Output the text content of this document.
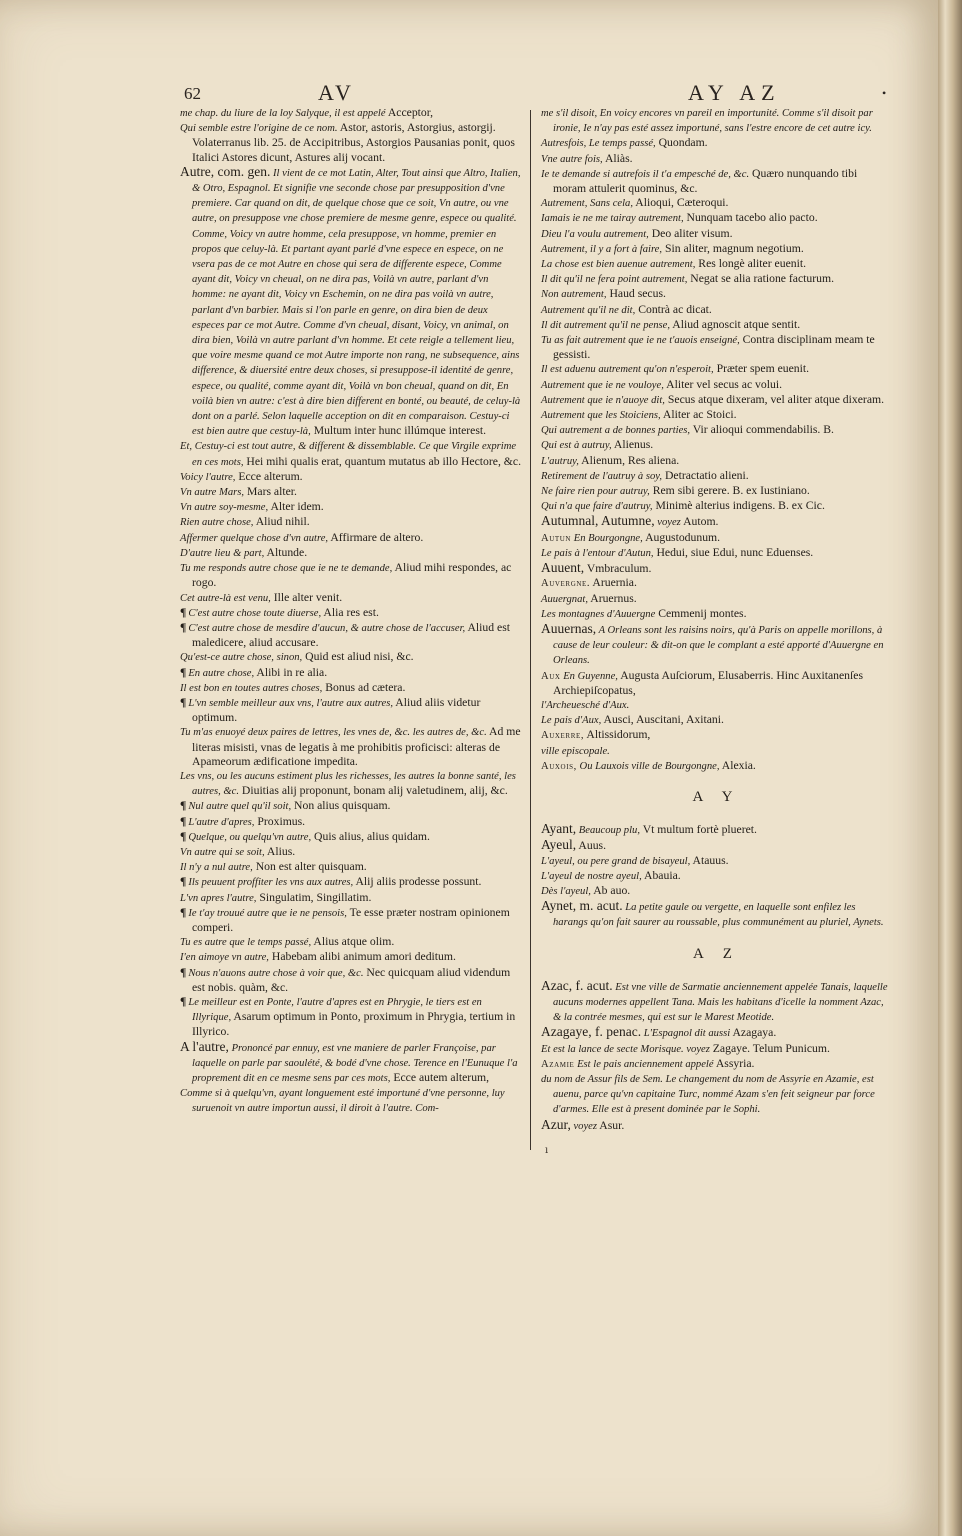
62	AV	AY AZ	•

me chap. du liure de la loy Salyque, il est appelé Acceptor,

Qui semble estre l'origine de ce nom. Astor, astoris, Astorgius, astorgij. Volaterranus lib. 25. de Accipitribus, Astorgios Pausanias ponit, quos Italici Astores dicunt, Astures alij vocant.

Autre, com. gen. Il vient de ce mot Latin, Alter, Tout ainsi que Altro, Italien, & Otro, Espagnol. Et signifie vne seconde chose par presupposition d'vne premiere. Car quand on dit, de quelque chose que ce soit, Vn autre, ou vne autre, on presuppose vne chose premiere de mesme genre, espece ou qualité. Comme, Voicy vn autre homme, cela presuppose, vn homme, premier en propos que celuy-là. Et partant ayant parlé d'vne espece en espece, on ne vsera pas de ce mot Autre en chose qui sera de differente espece, Comme ayant dit, Voicy vn cheual, on ne dira pas, Voilà vn autre, parlant d'vn homme: ne ayant dit, Voicy vn Eschemin, on ne dira pas voilà vn autre, parlant d'vn barbier. Mais si l'on parle en genre, on dira bien de deux especes par ce mot Autre. Comme d'vn cheual, disant, Voicy, vn animal, on dira bien, Voilà vn autre parlant d'vn homme. Et cete reigle a tellement lieu, que voire mesme quand ce mot Autre importe non rang, ne subsequence, ains difference, & diuersité entre deux choses, si presuppose-il identité de genre, espece, ou qualité, comme ayant dit, Voilà vn bon cheual, quand on dit, En voilà bien vn autre: c'est à dire bien different en bonté, ou beauté, de celuy-là dont on a parlé. Selon laquelle acception on dit en comparaison. Cestuy-ci est bien autre que cestuy-là, Multum inter hunc illúmque interest.

Et, Cestuy-ci est tout autre, & different & dissemblable. Ce que Virgile exprime en ces mots, Hei mihi qualis erat, quantum mutatus ab illo Hectore, &c.

Voicy l'autre, Ecce alterum.

Vn autre Mars, Mars alter.

Vn autre soy-mesme, Alter idem.

Rien autre chose, Aliud nihil.

Affermer quelque chose d'vn autre, Affirmare de altero.

D'autre lieu & part, Altunde.

Tu me responds autre chose que ie ne te demande, Aliud mihi respondes, ac rogo.

Cet autre-là est venu, Ille alter venit.

¶ C'est autre chose toute diuerse, Alia res est.

¶ C'est autre chose de mesdire d'aucun, & autre chose de l'accuser, Aliud est maledicere, aliud accusare.

Qu'est-ce autre chose, sinon, Quid est aliud nisi, &c.

¶ En autre chose, Alibi in re alia.

Il est bon en toutes autres choses, Bonus ad cætera.

¶ L'vn semble meilleur aux vns, l'autre aux autres, Aliud aliis videtur optimum.

Tu m'as enuoyé deux paires de lettres, les vnes de, &c. les autres de, &c. Ad me literas misisti, vnas de legatis à me prohibitis proficisci: alteras de Apameorum ædificatione impedita.

Les vns, ou les aucuns estiment plus les richesses, les autres la bonne santé, les autres, &c. Diuitias alij proponunt, bonam alij valetudinem, alij, &c.

¶ Nul autre quel qu'il soit, Non alius quisquam.

¶ L'autre d'apres, Proximus.

¶ Quelque, ou quelqu'vn autre, Quis alius, alius quidam.

Vn autre qui se soit, Alius.

Il n'y a nul autre, Non est alter quisquam.

¶ Ils peuuent proffiter les vns aux autres, Alij aliis prodesse possunt.

L'vn apres l'autre, Singulatim, Singillatim.

¶ Ie t'ay trouué autre que ie ne pensois, Te esse præter nostram opinionem comperi.

Tu es autre que le temps passé, Alius atque olim.

I'en aimoye vn autre, Habebam alibi animum amori deditum.

¶ Nous n'auons autre chose à voir que, &c. Nec quicquam aliud videndum est nobis. quàm, &c.

¶ Le meilleur est en Ponte, l'autre d'apres est en Phrygie, le tiers est en Illyrique, Asarum optimum in Ponto, proximum in Phrygia, tertium in Illyrico.

A l'autre, Prononcé par ennuy, est vne maniere de parler Françoise, par laquelle on parle par saoulété, & bodé d'vne chose. Terence en l'Eunuque l'a proprement dit en ce mesme sens par ces mots, Ecce autem alterum,

Comme si à quelqu'vn, ayant longuement esté importuné d'vne personne, luy suruenoit vn autre importun aussi, il diroit à l'autre. Com-

me s'il disoit, En voicy encores vn pareil en importunité. Comme s'il disoit par ironie, Ie n'ay pas esté assez importuné, sans l'estre encore de cet autre icy.

Autresfois, Le temps passé, Quondam.

Vne autre fois, Aliàs.

Ie te demande si autrefois il t'a empesché de, &c. Quæro nunquando tibi moram attulerit quominus, &c.

Autrement, Sans cela, Alioqui, Cæteroqui.

Iamais ie ne me tairay autrement, Nunquam tacebo alio pacto.

Dieu l'a voulu autrement, Deo aliter visum.

Autrement, il y a fort à faire, Sin aliter, magnum negotium.

La chose est bien auenue autrement, Res longè aliter euenit.

Il dit qu'il ne fera point autrement, Negat se alia ratione facturum.

Non autrement, Haud secus.

Autrement qu'il ne dit, Contrà ac dicat.

Il dit autrement qu'il ne pense, Aliud agnoscit atque sentit.

Tu as fait autrement que ie ne t'auois enseigné, Contra disciplinam meam te gessisti.

Il est aduenu autrement qu'on n'esperoit, Præter spem euenit.

Autrement que ie ne vouloye, Aliter vel secus ac volui.

Autrement que ie n'auoye dit, Secus atque dixeram, vel aliter atque dixeram.

Autrement que les Stoiciens, Aliter ac Stoici.

Qui autrement a de bonnes parties, Vir alioqui commendabilis. B.

Qui est à autruy, Alienus.

L'autruy, Alienum, Res aliena.

Retirement de l'autruy à soy, Detractatio alieni.

Ne faire rien pour autruy, Rem sibi gerere. B. ex Iustiniano.

Qui n'a que faire d'autruy, Minimè alterius indigens. B. ex Cic.

Autumnal, Autumne, voyez Autom.

Autun En Bourgongne, Augustodunum.

Le pais à l'entour d'Autun, Hedui, siue Edui, nunc Eduenses.

Auuent, Vmbraculum.

Auvergne. Aruernia.

Auuergnat, Aruernus.

Les montagnes d'Auuergne Cemmenij montes.

Auuernas, A Orleans sont les raisins noirs, qu'à Paris on appelle morillons, à cause de leur couleur: & dit-on que le complant a esté apporté d'Auuergne en Orleans.

Aux En Guyenne, Augusta Auſciorum, Elusaberris. Hinc Auxitanenſes Archiepiſcopatus,

l'Archeuesché d'Aux.

Le pais d'Aux, Ausci, Auscitani, Axitani.

Auxerre, Altissidorum,

ville episcopale.

Auxois, Ou Lauxois ville de Bourgongne, Alexia.

A Y

Ayant, Beaucoup plu, Vt multum fortè plueret.

Ayeul, Auus.

L'ayeul, ou pere grand de bisayeul, Atauus.

L'ayeul de nostre ayeul, Abauia.

Dès l'ayeul, Ab auo.

Aynet, m. acut. La petite gaule ou vergette, en laquelle sont enfilez les harangs qu'on fait saurer au roussable, plus communément au pluriel, Aynets.

A Z

Azac, f. acut. Est vne ville de Sarmatie anciennement appelée Tanais, laquelle aucuns modernes appellent Tana. Mais les habitans d'icelle la nomment Azac, & la contrée mesmes, qui est sur le Marest Meotide.

Azagaye, f. penac. L'Espagnol dit aussi Azagaya.

Et est la lance de secte Morisque. voyez Zagaye. Telum Punicum.

Azamie Est le pais anciennement appelé Assyria.

du nom de Assur fils de Sem. Le changement du nom de Assyrie en Azamie, est auenu, parce qu'vn capitaine Turc, nommé Azam s'en feit seigneur par force d'armes. Elle est à present dominée par le Sophi.

Azur, voyez Asur.

ı
